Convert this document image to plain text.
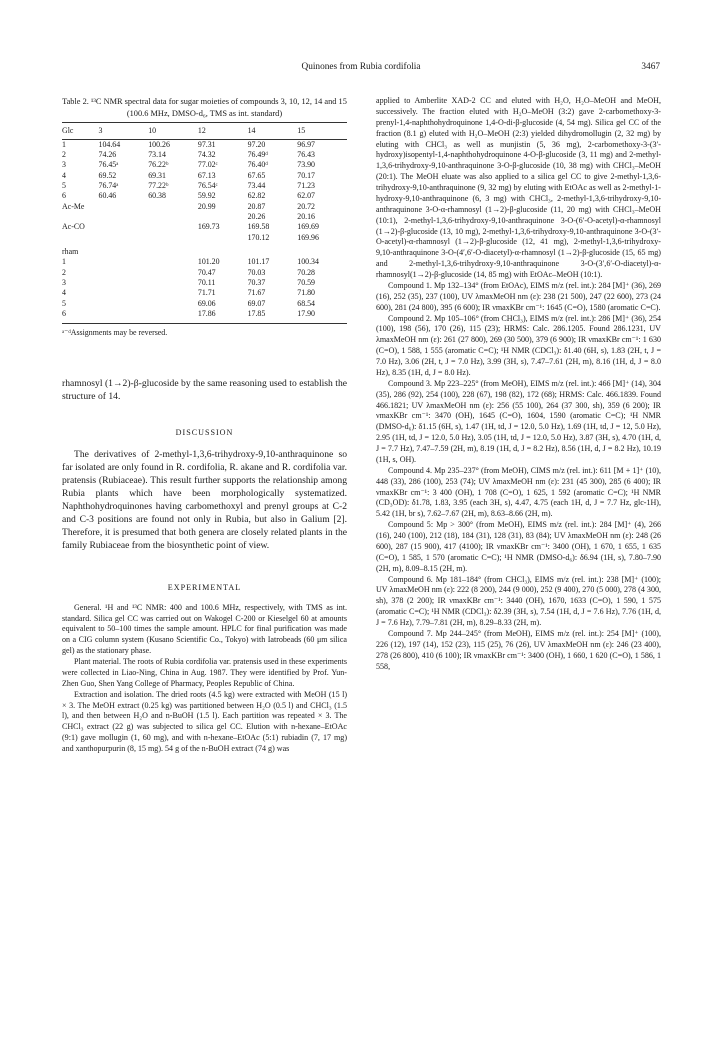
Quinones from Rubia cordifolia	3467
Table 2. ¹³C NMR spectral data for sugar moieties of compounds 3, 10, 12, 14 and 15 (100.6 MHz, DMSO-d₆, TMS as int. standard)
Glc	3	10	12	14	15
1	104.64	100.26	97.31	97.20	96.97
2	74.26	73.14	74.32	76.49ᵈ	76.43
3	76.45ᵃ	76.22ᵇ	77.02ᶜ	76.40ᵈ	73.90
4	69.52	69.31	67.13	67.65	70.17
5	76.74ᵃ	77.22ᵇ	76.54ᶜ	73.44	71.23
6	60.46	60.38	59.92	62.82	62.07
Ac-Me			20.99	20.87	20.72
				20.26	20.16
Ac-CO			169.73	169.58	169.69
				170.12	169.96

rham					
1			101.20	101.17	100.34
2			70.47	70.03	70.28
3			70.11	70.37	70.59
4			71.71	71.67	71.80
5			69.06	69.07	68.54
6			17.86	17.85	17.90
ᵃ⁻ᵈAssignments may be reversed.

rhamnosyl (1→2)-β-glucoside by the same reasoning used to establish the structure of 14.

DISCUSSION

The derivatives of 2-methyl-1,3,6-trihydroxy-9,10-anthraquinone so far isolated are only found in R. cordifolia, R. akane and R. cordifolia var. pratensis (Rubiaceae). This result further supports the relationship among Rubia plants which have been morphologically systematized. Naphthohydroquinones having carbomethoxyl and prenyl groups at C-2 and C-3 positions are found not only in Rubia, but also in Galium [2]. Therefore, it is presumed that both genera are closely related plants in the family Rubiaceae from the biosynthetic point of view.

EXPERIMENTAL

General. ¹H and ¹³C NMR: 400 and 100.6 MHz, respectively, with TMS as int. standard. Silica gel CC was carried out on Wakogel C-200 or Kieselgel 60 at amounts equivalent to 50–100 times the sample amount. HPLC for final purification was made on a CIG column system (Kusano Scientific Co., Tokyo) with Iatrobeads (60 μm silica gel) as the stationary phase.

Plant material. The roots of Rubia cordifolia var. pratensis used in these experiments were collected in Liao-Ning, China in Aug. 1987. They were identified by Prof. Yun-Zhen Guo, Shen Yang College of Pharmacy, Peoples Republic of China.

Extraction and isolation. The dried roots (4.5 kg) were extracted with MeOH (15 l) × 3. The MeOH extract (0.25 kg) was partitioned between H₂O (0.5 l) and CHCl₃ (1.5 l), and then between H₂O and n-BuOH (1.5 l). Each partition was repeated × 3. The CHCl₃ extract (22 g) was subjected to silica gel CC. Elution with n-hexane–EtOAc (9:1) gave mollugin (1, 60 mg), and with n-hexane–EtOAc (5:1) rubiadin (7, 17 mg) and xanthopurpurin (8, 15 mg). 54 g of the n-BuOH extract (74 g) was

applied to Amberlite XAD-2 CC and eluted with H₂O, H₂O–MeOH and MeOH, successively. The fraction eluted with H₂O–MeOH (3:2) gave 2-carbomethoxy-3-prenyl-1,4-naphthohydroquinone 1,4-O-di-β-glucoside (4, 54 mg). Silica gel CC of the fraction (8.1 g) eluted with H₂O–MeOH (2:3) yielded dihydromollugin (2, 32 mg) by eluting with CHCl₃ as well as munjistin (5, 36 mg), 2-carbomethoxy-3-(3′-hydroxy)isopentyl-1,4-naphthohydroquinone 4-O-β-glucoside (3, 11 mg) and 2-methyl-1,3,6-trihydroxy-9,10-anthraquinone 3-O-β-glucoside (10, 38 mg) with CHCl₃–MeOH (20:1). The MeOH eluate was also applied to a silica gel CC to give 2-methyl-1,3,6-trihydroxy-9,10-anthraquinone (9, 32 mg) by eluting with EtOAc as well as 2-methyl-1-hydroxy-9,10-anthraquinone (6, 3 mg) with CHCl₃, 2-methyl-1,3,6-trihydroxy-9,10-anthraquinone 3-O-α-rhamnosyl (1→2)-β-glucoside (11, 20 mg) with CHCl₃–MeOH (10:1), 2-methyl-1,3,6-trihydroxy-9,10-anthraquinone 3-O-(6′-O-acetyl)-α-rhamnosyl (1→2)-β-glucoside (13, 10 mg), 2-methyl-1,3,6-trihydroxy-9,10-anthraquinone 3-O-(3′-O-acetyl)-α-rhamnosyl (1→2)-β-glucoside (12, 41 mg), 2-methyl-1,3,6-trihydroxy-9,10-anthraquinone 3-O-(4′,6′-O-diacetyl)-α-rhamnosyl (1→2)-β-glucoside (15, 65 mg) and 2-methyl-1,3,6-trihydroxy-9,10-anthraquinone 3-O-(3′,6′-O-diacetyl)-α-rhamnosyl(1→2)-β-glucoside (14, 85 mg) with EtOAc–MeOH (10:1).

Compound 1. Mp 132–134° (from EtOAc), EIMS m/z (rel. int.): 284 [M]⁺ (36), 269 (16), 252 (35), 237 (100), UV λmaxMeOH nm (ε): 238 (21 500), 247 (22 600), 273 (24 600), 281 (24 800), 395 (6 600); IR νmaxKBr cm⁻¹: 1645 (C=O), 1580 (aromatic C=C).

Compound 2. Mp 105–106° (from CHCl₃), EIMS m/z (rel. int.): 286 [M]⁺ (36), 254 (100), 198 (56), 170 (26), 115 (23); HRMS: Calc. 286.1205. Found 286.1231, UV λmaxMeOH nm (ε): 261 (27 800), 269 (30 500), 379 (6 900); IR νmaxKBr cm⁻¹: 1 630 (C=O), 1 588, 1 555 (aromatic C=C); ¹H NMR (CDCl₃): δ1.40 (6H, s), 1.83 (2H, t, J = 7.0 Hz), 3.06 (2H, t, J = 7.0 Hz), 3.99 (3H, s), 7.47–7.61 (2H, m), 8.16 (1H, d, J = 8.0 Hz), 8.35 (1H, d, J = 8.0 Hz).

Compound 3. Mp 223–225° (from MeOH), EIMS m/z (rel. int.): 466 [M]⁺ (14), 304 (35), 286 (92), 254 (100), 228 (67), 198 (82), 172 (68); HRMS: Calc. 466.1839. Found 466.1821; UV λmaxMeOH nm (ε): 256 (55 100), 264 (37 300, sh), 359 (6 200); IR νmaxKBr cm⁻¹: 3470 (OH), 1645 (C=O), 1604, 1590 (aromatic C=C); ¹H NMR (DMSO-d₆): δ1.15 (6H, s), 1.47 (1H, td, J = 12.0, 5.0 Hz), 1.69 (1H, td, J = 12, 5.0 Hz), 2.95 (1H, td, J = 12.0, 5.0 Hz), 3.05 (1H, td, J = 12.0, 5.0 Hz), 3.87 (3H, s), 4.70 (1H, d, J = 7.7 Hz), 7.47–7.59 (2H, m), 8.19 (1H, d, J = 8.2 Hz), 8.56 (1H, d, J = 8.2 Hz), 10.19 (1H, s, OH).

Compound 4. Mp 235–237° (from MeOH), CIMS m/z (rel. int.): 611 [M + 1]⁺ (10), 448 (33), 286 (100), 253 (74); UV λmaxMeOH nm (ε): 231 (45 300), 285 (6 400); IR νmaxKBr cm⁻¹: 3 400 (OH), 1 708 (C=O), 1 625, 1 592 (aromatic C=C); ¹H NMR (CD₃OD): δ1.78, 1.83, 3.95 (each 3H, s), 4.47, 4.75 (each 1H, d, J = 7.7 Hz, glc-1H), 5.42 (1H, br s), 7.62–7.67 (2H, m), 8.63–8.66 (2H, m).

Compound 5: Mp > 300° (from MeOH), EIMS m/z (rel. int.): 284 [M]⁺ (4), 266 (16), 240 (100), 212 (18), 184 (31), 128 (31), 83 (84); UV λmaxMeOH nm (ε): 248 (26 600), 287 (15 900), 417 (4100); IR νmaxKBr cm⁻¹: 3400 (OH), 1 670, 1 655, 1 635 (C=O), 1 585, 1 570 (aromatic C=C); ¹H NMR (DMSO-d₆): δ6.94 (1H, s), 7.80–7.90 (2H, m), 8.09–8.15 (2H, m).

Compound 6. Mp 181–184° (from CHCl₃), EIMS m/z (rel. int.): 238 [M]⁺ (100); UV λmaxMeOH nm (ε): 222 (8 200), 244 (9 000), 252 (9 400), 270 (5 000), 278 (4 300, sh), 378 (2 200); IR νmaxKBr cm⁻¹: 3440 (OH), 1670, 1633 (C=O), 1 590, 1 575 (aromatic C=C); ¹H NMR (CDCl₃): δ2.39 (3H, s), 7.54 (1H, d, J = 7.6 Hz), 7.76 (1H, d, J = 7.6 Hz), 7.79–7.81 (2H, m), 8.29–8.33 (2H, m).

Compound 7. Mp 244–245° (from MeOH), EIMS m/z (rel. int.): 254 [M]⁺ (100), 226 (12), 197 (14), 152 (23), 115 (25), 76 (26), UV λmaxMeOH nm (ε): 246 (23 400), 278 (26 800), 410 (6 100); IR νmaxKBr cm⁻¹: 3400 (OH), 1 660, 1 620 (C=O), 1 586, 1 558,
